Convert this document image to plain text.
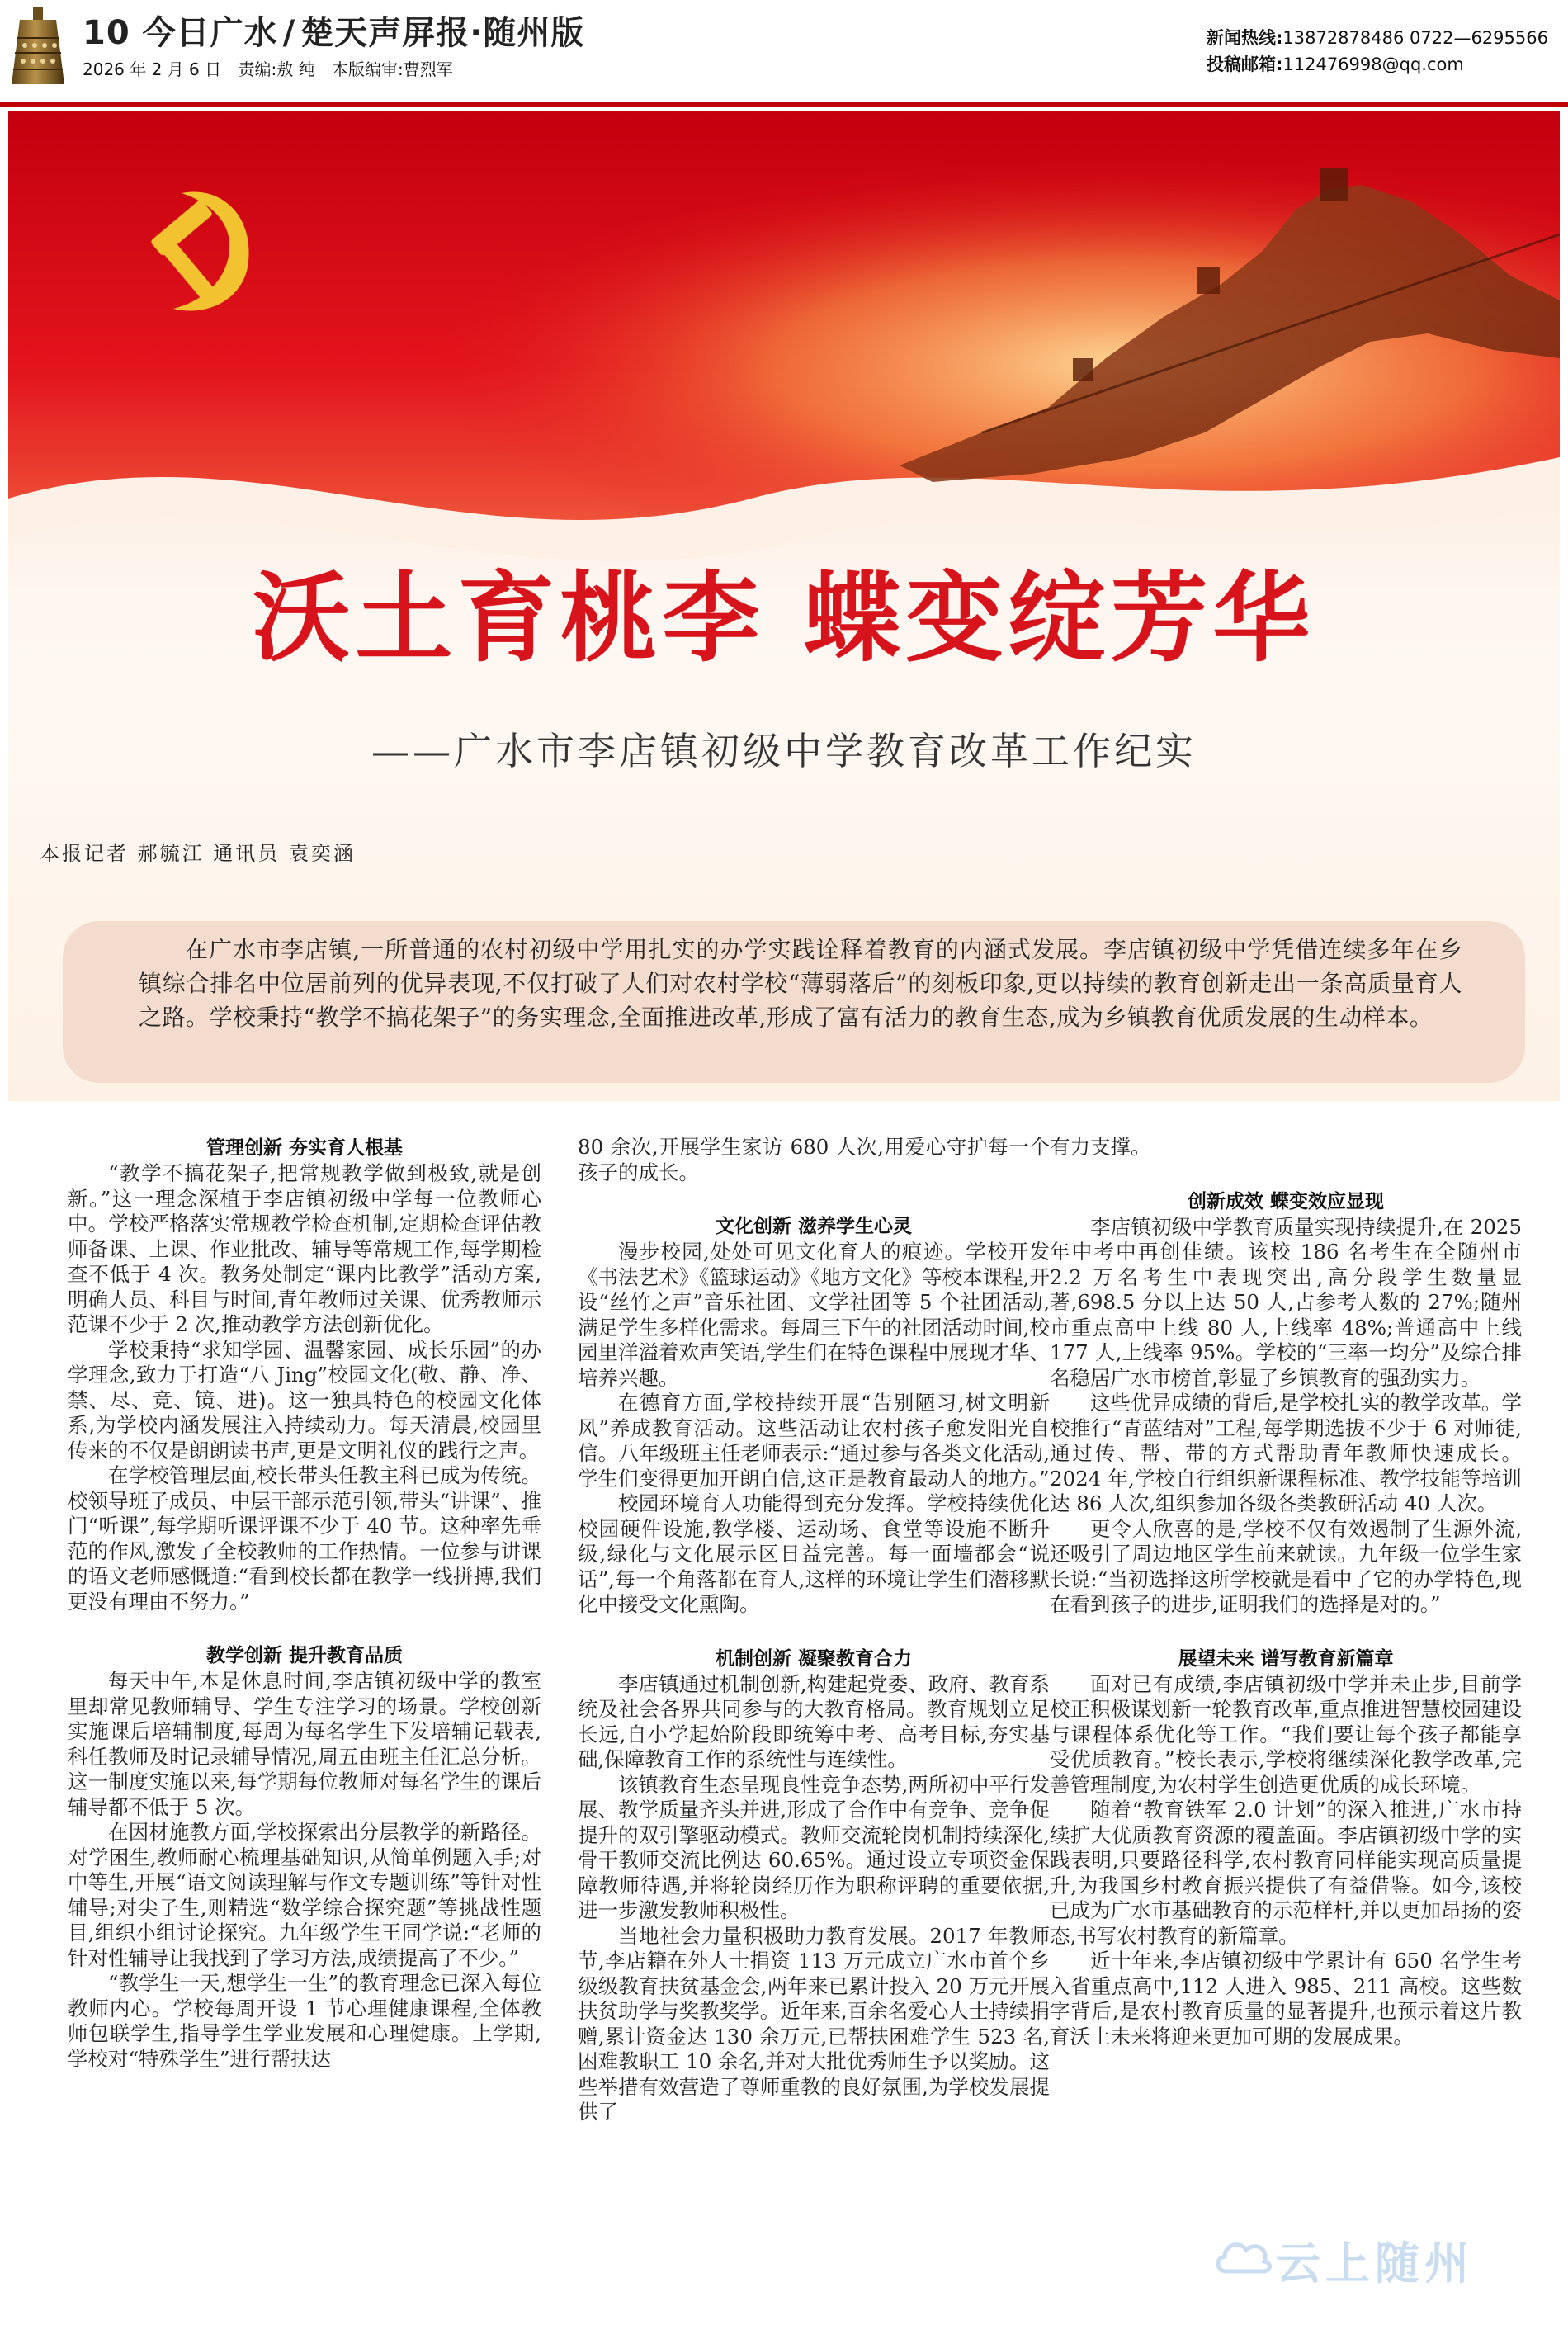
10 今日广水 / 楚天声屏报·随州版
2026 年 2 月 6 日 责编:敖 纯 本版编审:曹烈军
新闻热线:13872878486 0722—6295566
投稿邮箱:112476998@qq.com
沃土育桃李 蝶变绽芳华
——广水市李店镇初级中学教育改革工作纪实
本报记者 郝毓江 通讯员 袁奕涵

在广水市李店镇,一所普通的农村初级中学用扎实的办学实践诠释着教育的内涵式发展。李店镇初级中学凭借连续多年在乡镇综合排名中位居前列的优异表现,不仅打破了人们对农村学校“薄弱落后”的刻板印象,更以持续的教育创新走出一条高质量育人之路。学校秉持“教学不搞花架子”的务实理念,全面推进改革,形成了富有活力的教育生态,成为乡镇教育优质发展的生动样本。

管理创新 夯实育人根基

“教学不搞花架子,把常规教学做到极致,就是创新。”这一理念深植于李店镇初级中学每一位教师心中。学校严格落实常规教学检查机制,定期检查评估教师备课、上课、作业批改、辅导等常规工作,每学期检查不低于 4 次。教务处制定“课内比教学”活动方案,明确人员、科目与时间,青年教师过关课、优秀教师示范课不少于 2 次,推动教学方法创新优化。

学校秉持“求知学园、温馨家园、成长乐园”的办学理念,致力于打造“八 Jing”校园文化(敬、静、净、禁、尽、竞、镜、进)。这一独具特色的校园文化体系,为学校内涵发展注入持续动力。每天清晨,校园里传来的不仅是朗朗读书声,更是文明礼仪的践行之声。

在学校管理层面,校长带头任教主科已成为传统。校领导班子成员、中层干部示范引领,带头“讲课”、推门“听课”,每学期听课评课不少于 40 节。这种率先垂范的作风,激发了全校教师的工作热情。一位参与讲课的语文老师感慨道:“看到校长都在教学一线拼搏,我们更没有理由不努力。”

教学创新 提升教育品质

每天中午,本是休息时间,李店镇初级中学的教室里却常见教师辅导、学生专注学习的场景。学校创新实施课后培辅制度,每周为每名学生下发培辅记载表,科任教师及时记录辅导情况,周五由班主任汇总分析。这一制度实施以来,每学期每位教师对每名学生的课后辅导都不低于 5 次。

在因材施教方面,学校探索出分层教学的新路径。对学困生,教师耐心梳理基础知识,从简单例题入手;对中等生,开展“语文阅读理解与作文专题训练”等针对性辅导;对尖子生,则精选“数学综合探究题”等挑战性题目,组织小组讨论探究。九年级学生王同学说:“老师的针对性辅导让我找到了学习方法,成绩提高了不少。”

“教学生一天,想学生一生”的教育理念已深入每位教师内心。学校每周开设 1 节心理健康课程,全体教师包联学生,指导学生学业发展和心理健康。上学期,学校对“特殊学生”进行帮扶达

80 余次,开展学生家访 680 人次,用爱心守护每一个孩子的成长。

文化创新 滋养学生心灵

漫步校园,处处可见文化育人的痕迹。学校开发《书法艺术》《篮球运动》《地方文化》等校本课程,开设“丝竹之声”音乐社团、文学社团等 5 个社团活动,满足学生多样化需求。每周三下午的社团活动时间,校园里洋溢着欢声笑语,学生们在特色课程中展现才华、培养兴趣。

在德育方面,学校持续开展“告别陋习,树文明新风”养成教育活动。这些活动让农村孩子愈发阳光自信。八年级班主任老师表示:“通过参与各类文化活动,学生们变得更加开朗自信,这正是教育最动人的地方。”

校园环境育人功能得到充分发挥。学校持续优化校园硬件设施,教学楼、运动场、食堂等设施不断升级,绿化与文化展示区日益完善。每一面墙都会“说话”,每一个角落都在育人,这样的环境让学生们潜移默化中接受文化熏陶。

机制创新 凝聚教育合力

李店镇通过机制创新,构建起党委、政府、教育系统及社会各界共同参与的大教育格局。教育规划立足长远,自小学起始阶段即统筹中考、高考目标,夯实基础,保障教育工作的系统性与连续性。

该镇教育生态呈现良性竞争态势,两所初中平行发展、教学质量齐头并进,形成了合作中有竞争、竞争促提升的双引擎驱动模式。教师交流轮岗机制持续深化,骨干教师交流比例达 60.65%。通过设立专项资金保障教师待遇,并将轮岗经历作为职称评聘的重要依据,进一步激发教师积极性。

当地社会力量积极助力教育发展。2017 年教师节,李店籍在外人士捐资 113 万元成立广水市首个乡级级教育扶贫基金会,两年来已累计投入 20 万元开展扶贫助学与奖教奖学。近年来,百余名爱心人士持续捐赠,累计资金达 130 余万元,已帮扶困难学生 523 名,困难教职工 10 余名,并对大批优秀师生予以奖励。这些举措有效营造了尊师重教的良好氛围,为学校发展提供了

有力支撑。

创新成效 蝶变效应显现

李店镇初级中学教育质量实现持续提升,在 2025 年中考中再创佳绩。该校 186 名考生在全随州市 2.2 万名考生中表现突出,高分段学生数量显著,698.5 分以上达 50 人,占参考人数的 27%;随州市重点高中上线 80 人,上线率 48%;普通高中上线 177 人,上线率 95%。学校的“三率一均分”及综合排名稳居广水市榜首,彰显了乡镇教育的强劲实力。

这些优异成绩的背后,是学校扎实的教学改革。学校推行“青蓝结对”工程,每学期选拔不少于 6 对师徒,通过传、帮、带的方式帮助青年教师快速成长。2024 年,学校自行组织新课程标准、教学技能等培训达 86 人次,组织参加各级各类教研活动 40 人次。

更令人欣喜的是,学校不仅有效遏制了生源外流,还吸引了周边地区学生前来就读。九年级一位学生家长说:“当初选择这所学校就是看中了它的办学特色,现在看到孩子的进步,证明我们的选择是对的。”

展望未来 谱写教育新篇章

面对已有成绩,李店镇初级中学并未止步,目前学校正积极谋划新一轮教育改革,重点推进智慧校园建设与课程体系优化等工作。“我们要让每个孩子都能享受优质教育。”校长表示,学校将继续深化教学改革,完善管理制度,为农村学生创造更优质的成长环境。

随着“教育铁军 2.0 计划”的深入推进,广水市持续扩大优质教育资源的覆盖面。李店镇初级中学的实践表明,只要路径科学,农村教育同样能实现高质量提升,为我国乡村教育振兴提供了有益借鉴。如今,该校已成为广水市基础教育的示范样杆,并以更加昂扬的姿态,书写农村教育的新篇章。

近十年来,李店镇初级中学累计有 650 名学生考入省重点高中,112 人进入 985、211 高校。这些数字背后,是农村教育质量的显著提升,也预示着这片教育沃土未来将迎来更加可期的发展成果。

云上随州
